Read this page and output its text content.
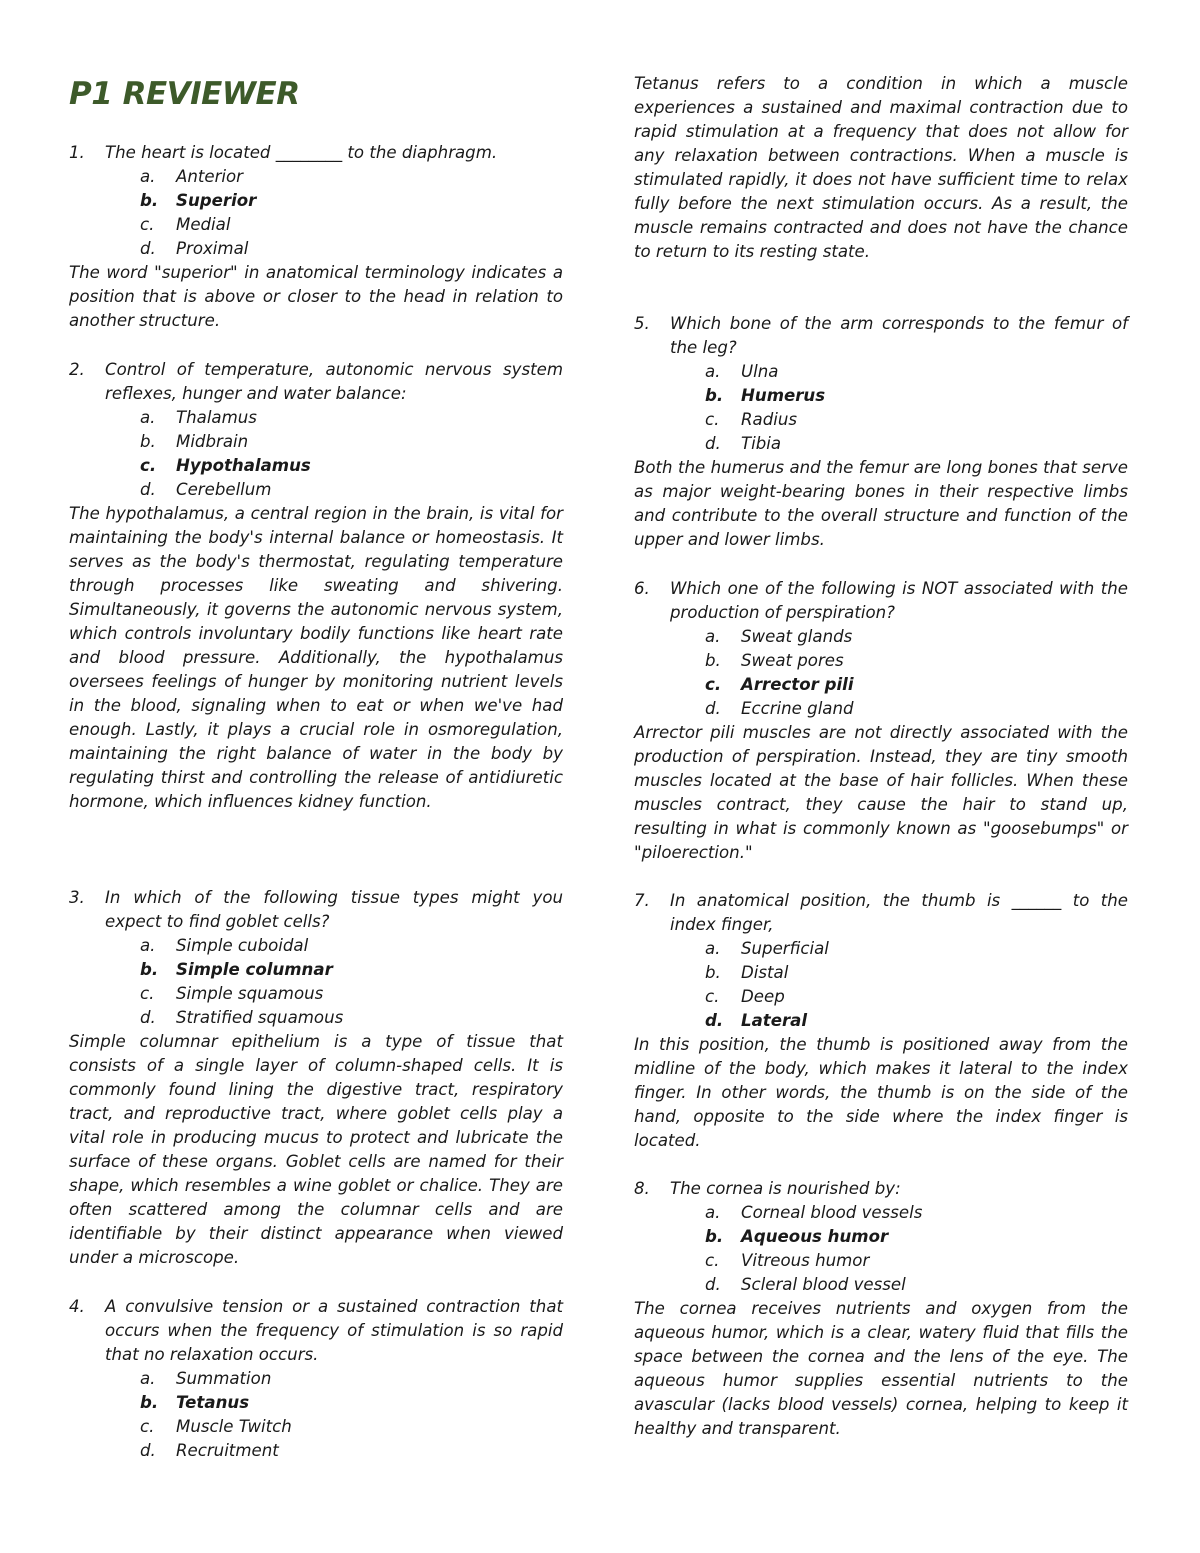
P1 REVIEWER
1.	The heart is located ________ to the diaphragm.
a.	Anterior
b.	Superior
c.	Medial
d.	Proximal

The word "superior" in anatomical terminology indicates a position that is above or closer to the head in relation to another structure.

2.	Control of temperature, autonomic nervous system reflexes, hunger and water balance:
a.	Thalamus
b.	Midbrain
c.	Hypothalamus
d.	Cerebellum

The hypothalamus, a central region in the brain, is vital for maintaining the body's internal balance or homeostasis. It serves as the body's thermostat, regulating temperature through processes like sweating and shivering. Simultaneously, it governs the autonomic nervous system, which controls involuntary bodily functions like heart rate and blood pressure. Additionally, the hypothalamus oversees feelings of hunger by monitoring nutrient levels in the blood, signaling when to eat or when we've had enough. Lastly, it plays a crucial role in osmoregulation, maintaining the right balance of water in the body by regulating thirst and controlling the release of antidiuretic hormone, which influences kidney function.

3.	In which of the following tissue types might you expect to find goblet cells?
a.	Simple cuboidal
b.	Simple columnar
c.	Simple squamous
d.	Stratified squamous

Simple columnar epithelium is a type of tissue that consists of a single layer of column-shaped cells. It is commonly found lining the digestive tract, respiratory tract, and reproductive tract, where goblet cells play a vital role in producing mucus to protect and lubricate the surface of these organs. Goblet cells are named for their shape, which resembles a wine goblet or chalice. They are often scattered among the columnar cells and are identifiable by their distinct appearance when viewed under a microscope.

4.	A convulsive tension or a sustained contraction that occurs when the frequency of stimulation is so rapid that no relaxation occurs.
a.	Summation
b.	Tetanus
c.	Muscle Twitch
d.	Recruitment

Tetanus refers to a condition in which a muscle experiences a sustained and maximal contraction due to rapid stimulation at a frequency that does not allow for any relaxation between contractions. When a muscle is stimulated rapidly, it does not have sufficient time to relax fully before the next stimulation occurs. As a result, the muscle remains contracted and does not have the chance to return to its resting state.

5.	Which bone of the arm corresponds to the femur of the leg?
a.	Ulna
b.	Humerus
c.	Radius
d.	Tibia

Both the humerus and the femur are long bones that serve as major weight-bearing bones in their respective limbs and contribute to the overall structure and function of the upper and lower limbs.

6.	Which one of the following is NOT associated with the production of perspiration?
a.	Sweat glands
b.	Sweat pores
c.	Arrector pili
d.	Eccrine gland

Arrector pili muscles are not directly associated with the production of perspiration. Instead, they are tiny smooth muscles located at the base of hair follicles. When these muscles contract, they cause the hair to stand up, resulting in what is commonly known as "goosebumps" or "piloerection."

7.	In anatomical position, the thumb is ______ to the index finger,
a.	Superficial
b.	Distal
c.	Deep
d.	Lateral

In this position, the thumb is positioned away from the midline of the body, which makes it lateral to the index finger. In other words, the thumb is on the side of the hand, opposite to the side where the index finger is located.

8.	The cornea is nourished by:
a.	Corneal blood vessels
b.	Aqueous humor
c.	Vitreous humor
d.	Scleral blood vessel

The cornea receives nutrients and oxygen from the aqueous humor, which is a clear, watery fluid that fills the space between the cornea and the lens of the eye. The aqueous humor supplies essential nutrients to the avascular (lacks blood vessels) cornea, helping to keep it healthy and transparent.
